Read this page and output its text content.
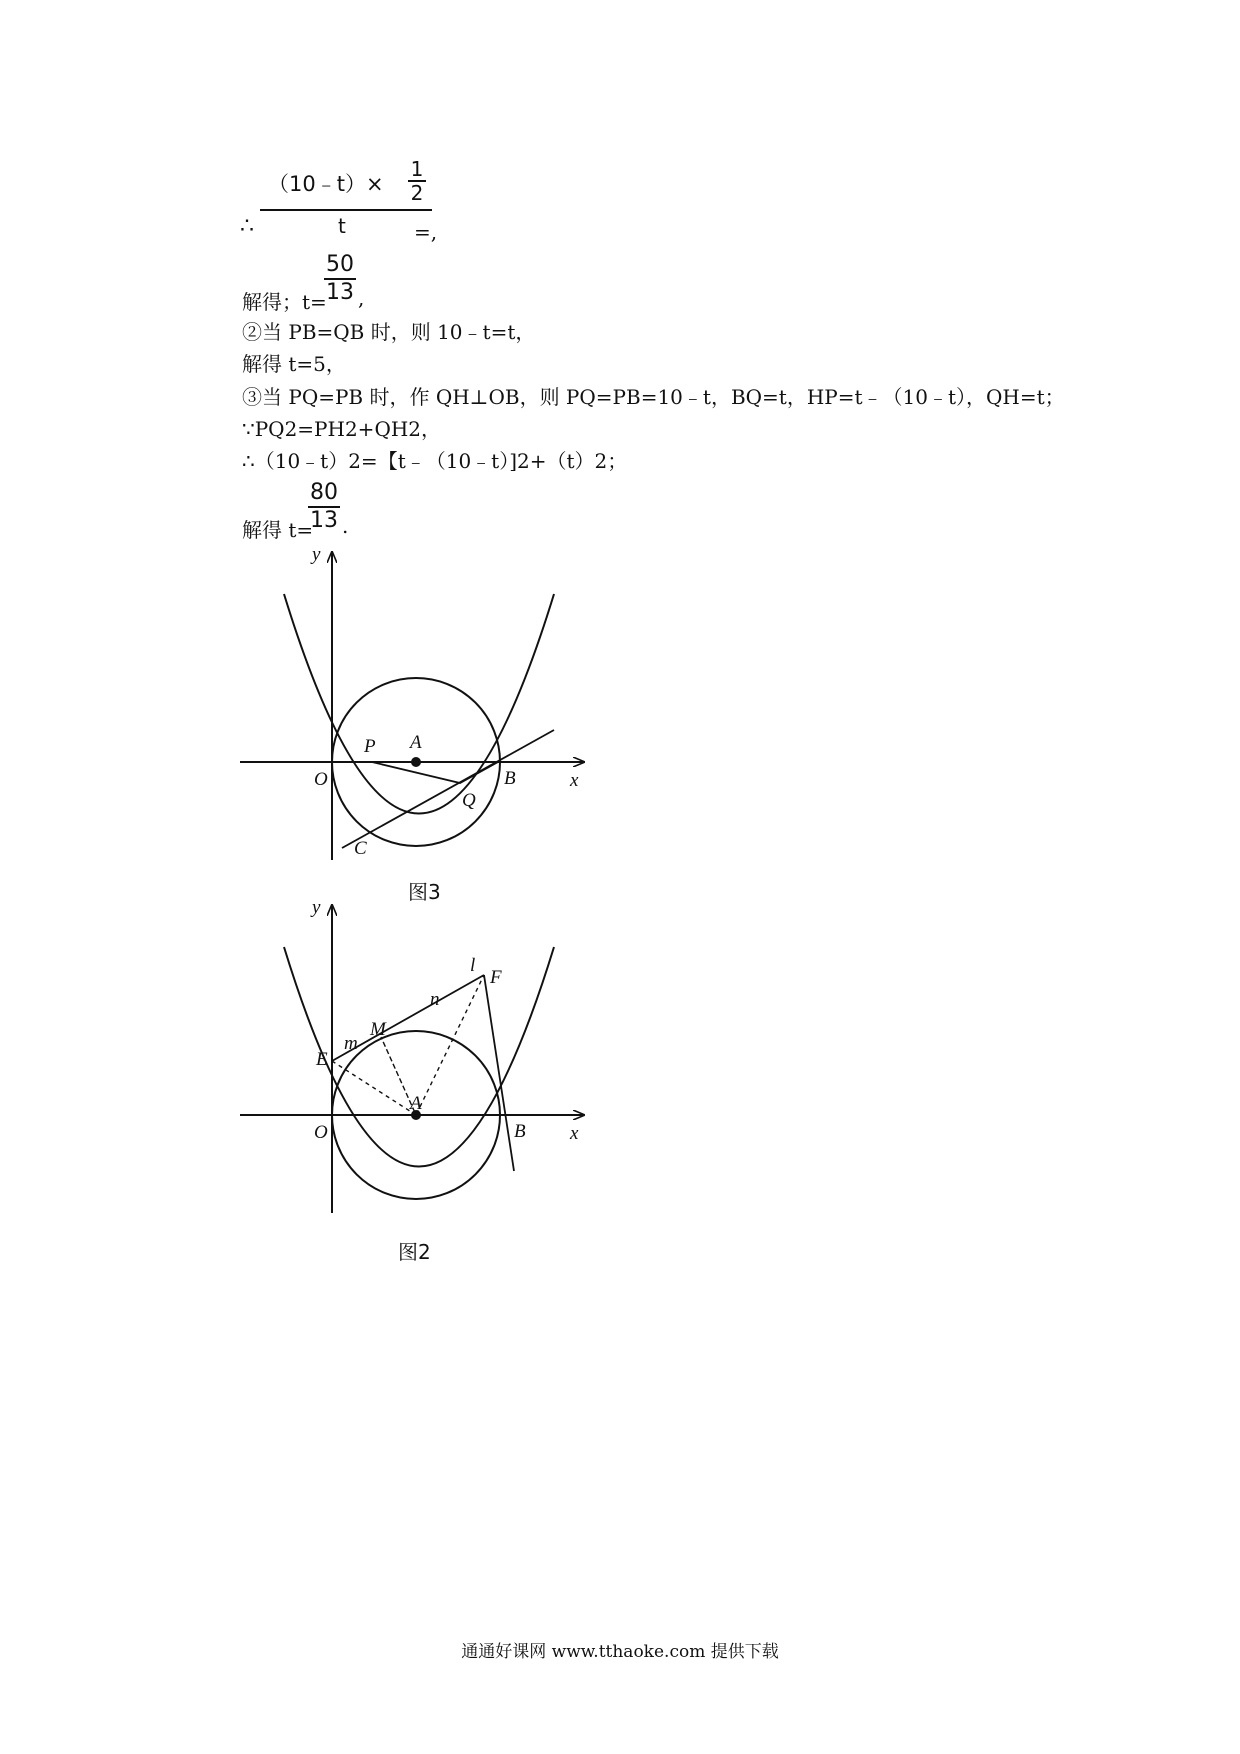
∴
（10﹣t）×
1
2
t	=,
解得；t=
50
13 ,
②当 PB=QB 时，则 10﹣t=t，
解得 t=5，
③当 PQ=PB 时，作 QH⊥OB，则 PQ=PB=10﹣t，BQ=t，HP=t﹣（10﹣t），QH=t；
∵PQ2=PH2+QH2，
∴（10﹣t）2=【t﹣（10﹣t）]2+（t）2；
解得 t=
80
13 .
y
x
O
P A
B
Q
C
图3
y
x
O
A
B
E
m
M
n
l
F
图2
通通好课网 www.tthaoke.com 提供下载
